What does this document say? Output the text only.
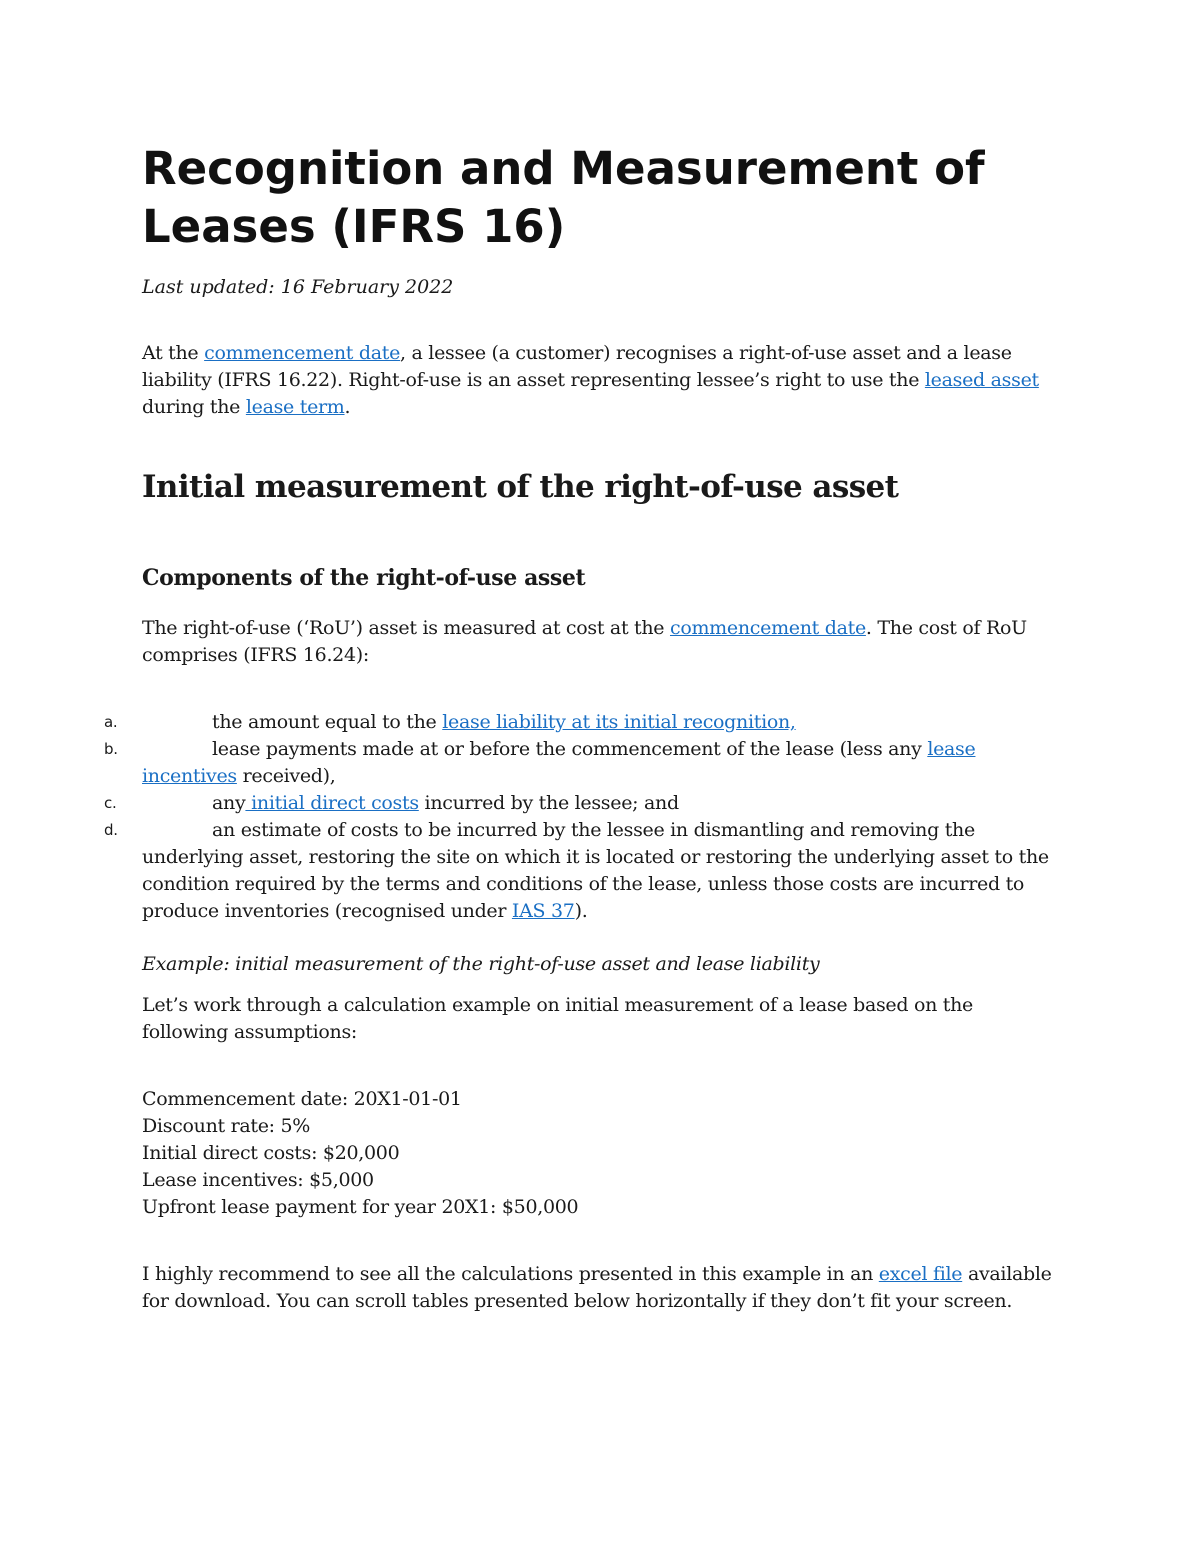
Recognition and Measurement of Leases (IFRS 16)
Last updated: 16 February 2022

At the commencement date, a lessee (a customer) recognises a right-of-use asset and a lease liability (IFRS 16.22). Right-of-use is an asset representing lessee’s right to use the leased asset during the lease term.

Initial measurement of the right-of-use asset
Components of the right-of-use asset

The right-of-use (‘RoU’) asset is measured at cost at the commencement date. The cost of RoU comprises (IFRS 16.24):

a.	the amount equal to the lease liability at its initial recognition,
b.	lease payments made at or before the commencement of the lease (less any lease incentives received),
c.	any initial direct costs incurred by the lessee; and
d.	an estimate of costs to be incurred by the lessee in dismantling and removing the underlying asset, restoring the site on which it is located or restoring the underlying asset to the condition required by the terms and conditions of the lease, unless those costs are incurred to produce inventories (recognised under IAS 37).
Example: initial measurement of the right-of-use asset and lease liability

Let’s work through a calculation example on initial measurement of a lease based on the following assumptions:

Commencement date: 20X1-01-01
Discount rate: 5%
Initial direct costs: $20,000
Lease incentives: $5,000
Upfront lease payment for year 20X1: $50,000

I highly recommend to see all the calculations presented in this example in an excel file available for download. You can scroll tables presented below horizontally if they don’t fit your screen.
